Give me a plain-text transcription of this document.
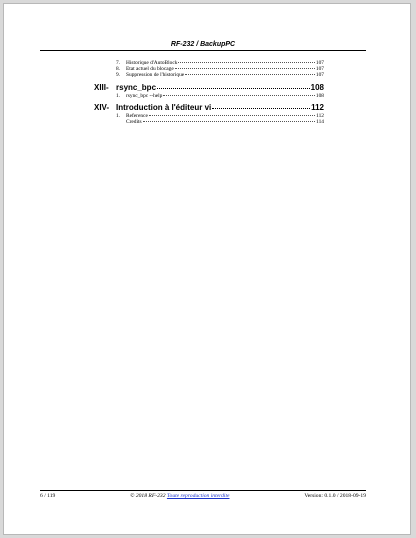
RF-232 / BackupPC
7.	Historique d'AutoBlock	107
8.	Etat actuel du blocage	107
9.	Suppression de l'historique	107
XIII- rsync_bpc	108
1.	rsync_bpc --help	108
XIV- Introduction à l'éditeur vi	112
1.	Reference	112
Credits	114
6 / 119	© 2018 RF-232 Toute reproduction interdite	Version: 0.1.0 / 2018-09-19
